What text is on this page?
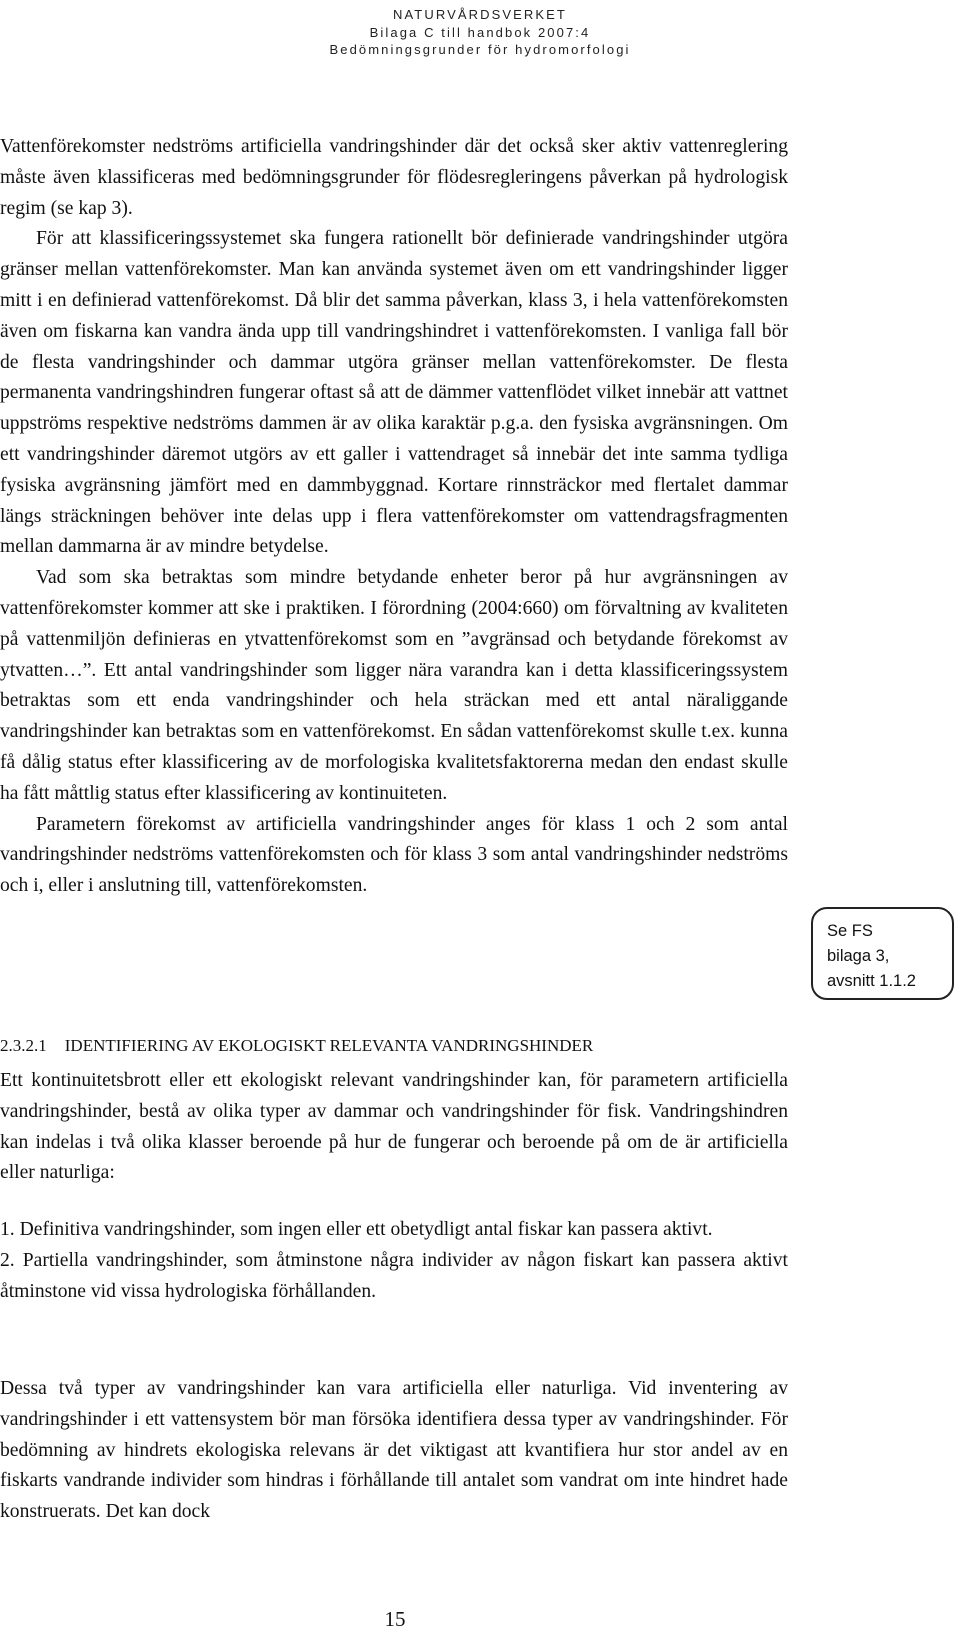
NATURVÅRDSVERKET
Bilaga C till handbok 2007:4
Bedömningsgrunder för hydromorfologi

Vattenförekomster nedströms artificiella vandringshinder där det också sker aktiv vattenreglering måste även klassificeras med bedömningsgrunder för flödesregleringens påverkan på hydrologisk regim (se kap 3).

För att klassificeringssystemet ska fungera rationellt bör definierade vandringshinder utgöra gränser mellan vattenförekomster. Man kan använda systemet även om ett vandringshinder ligger mitt i en definierad vattenförekomst. Då blir det samma påverkan, klass 3, i hela vattenförekomsten även om fiskarna kan vandra ända upp till vandringshindret i vattenförekomsten. I vanliga fall bör de flesta vandringshinder och dammar utgöra gränser mellan vattenförekomster. De flesta permanenta vandringshindren fungerar oftast så att de dämmer vattenflödet vilket innebär att vattnet uppströms respektive nedströms dammen är av olika karaktär p.g.a. den fysiska avgränsningen. Om ett vandringshinder däremot utgörs av ett galler i vattendraget så innebär det inte samma tydliga fysiska avgränsning jämfört med en dammbyggnad. Kortare rinnsträckor med flertalet dammar längs sträckningen behöver inte delas upp i flera vattenförekomster om vattendragsfragmenten mellan dammarna är av mindre betydelse.

Vad som ska betraktas som mindre betydande enheter beror på hur avgränsningen av vattenförekomster kommer att ske i praktiken. I förordning (2004:660) om förvaltning av kvaliteten på vattenmiljön definieras en ytvattenförekomst som en ”avgränsad och betydande förekomst av ytvatten…”. Ett antal vandringshinder som ligger nära varandra kan i detta klassificeringssystem betraktas som ett enda vandringshinder och hela sträckan med ett antal näraliggande vandringshinder kan betraktas som en vattenförekomst. En sådan vattenförekomst skulle t.ex. kunna få dålig status efter klassificering av de morfologiska kvalitetsfaktorerna medan den endast skulle ha fått måttlig status efter klassificering av kontinuiteten.

Parametern förekomst av artificiella vandringshinder anges för klass 1 och 2 som antal vandringshinder nedströms vattenförekomsten och för klass 3 som antal vandringshinder nedströms och i, eller i anslutning till, vattenförekomsten.

Se FS
bilaga 3,
avsnitt 1.1.2
2.3.2.1 IDENTIFIERING AV EKOLOGISKT RELEVANTA VANDRINGSHINDER

Ett kontinuitetsbrott eller ett ekologiskt relevant vandringshinder kan, för parametern artificiella vandringshinder, bestå av olika typer av dammar och vandringshinder för fisk. Vandringshindren kan indelas i två olika klasser beroende på hur de fungerar och beroende på om de är artificiella eller naturliga:

1. Definitiva vandringshinder, som ingen eller ett obetydligt antal fiskar kan passera aktivt.

2. Partiella vandringshinder, som åtminstone några individer av någon fiskart kan passera aktivt åtminstone vid vissa hydrologiska förhållanden.

Dessa två typer av vandringshinder kan vara artificiella eller naturliga. Vid inventering av vandringshinder i ett vattensystem bör man försöka identifiera dessa typer av vandringshinder. För bedömning av hindrets ekologiska relevans är det viktigast att kvantifiera hur stor andel av en fiskarts vandrande individer som hindras i förhållande till antalet som vandrat om inte hindret hade konstruerats. Det kan dock

15
